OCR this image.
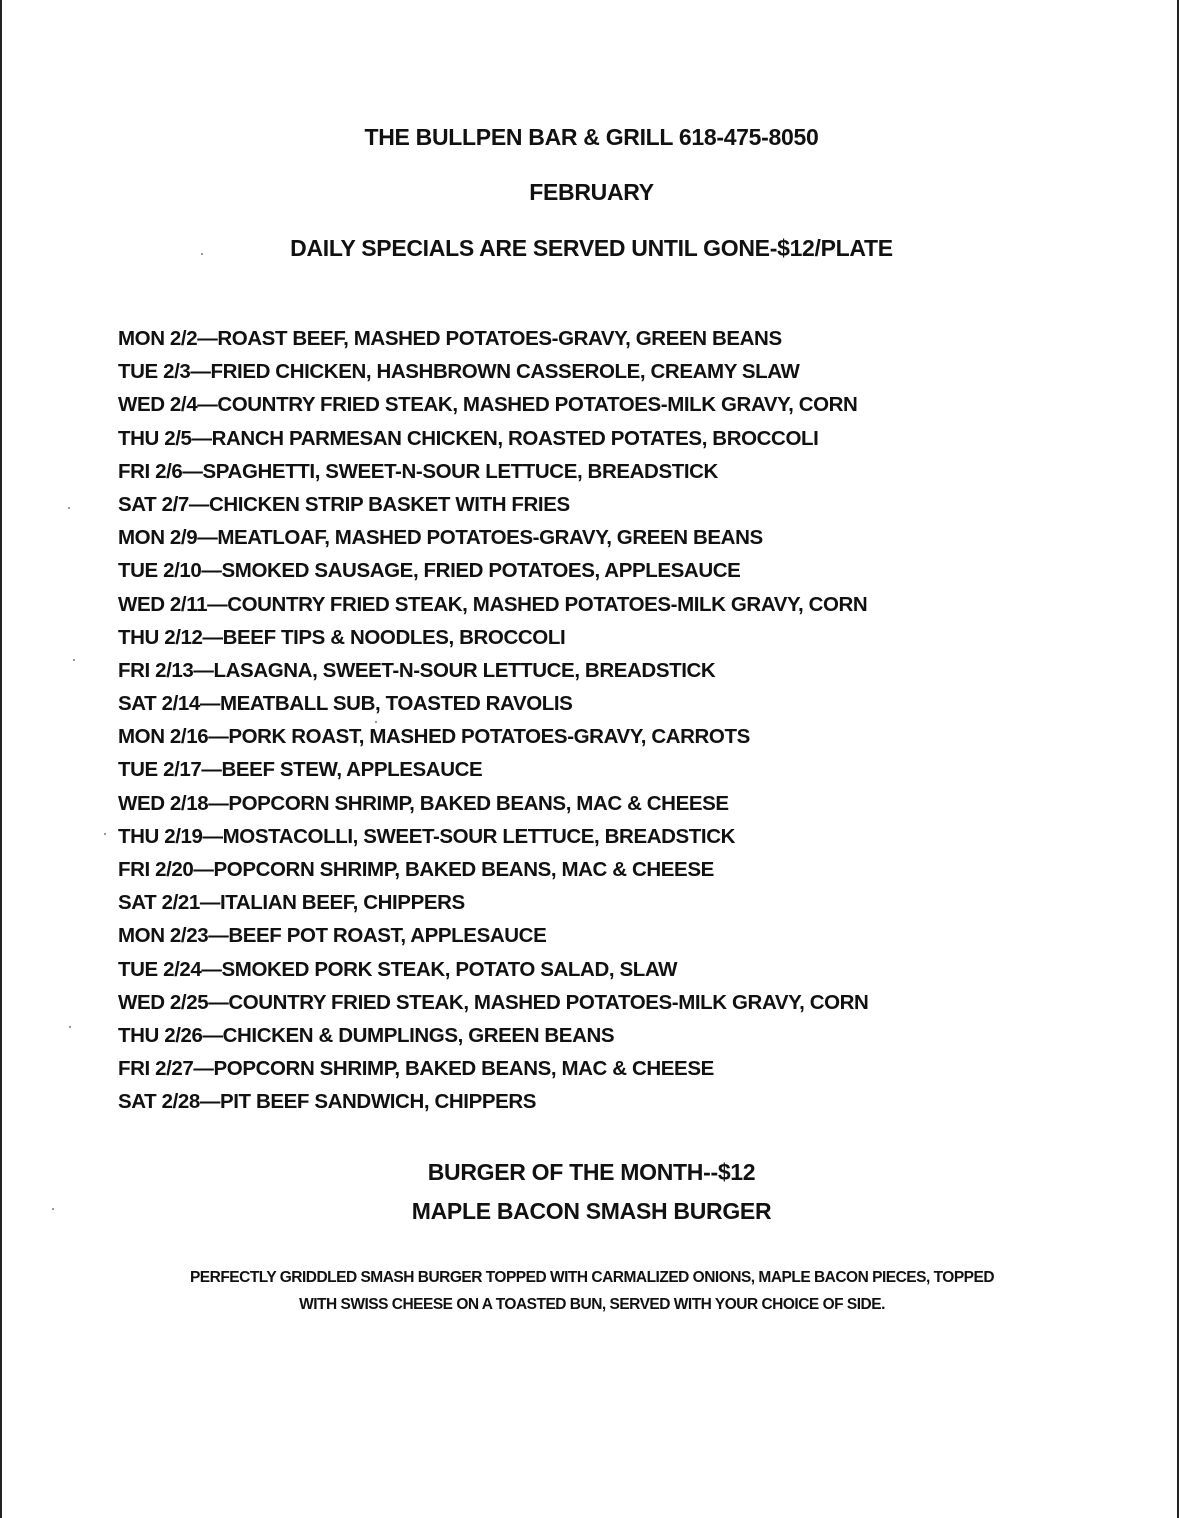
THE BULLPEN BAR & GRILL 618-475-8050
FEBRUARY
DAILY SPECIALS ARE SERVED UNTIL GONE-$12/PLATE
MON 2/2—ROAST BEEF, MASHED POTATOES-GRAVY, GREEN BEANS
TUE 2/3—FRIED CHICKEN, HASHBROWN CASSEROLE, CREAMY SLAW
WED 2/4—COUNTRY FRIED STEAK, MASHED POTATOES-MILK GRAVY, CORN
THU 2/5—RANCH PARMESAN CHICKEN, ROASTED POTATES, BROCCOLI
FRI 2/6—SPAGHETTI, SWEET-N-SOUR LETTUCE, BREADSTICK
SAT 2/7—CHICKEN STRIP BASKET WITH FRIES
MON 2/9—MEATLOAF, MASHED POTATOES-GRAVY, GREEN BEANS
TUE 2/10—SMOKED SAUSAGE, FRIED POTATOES, APPLESAUCE
WED 2/11—COUNTRY FRIED STEAK, MASHED POTATOES-MILK GRAVY, CORN
THU 2/12—BEEF TIPS & NOODLES, BROCCOLI
FRI 2/13—LASAGNA, SWEET-N-SOUR LETTUCE, BREADSTICK
SAT 2/14—MEATBALL SUB, TOASTED RAVOLIS
MON 2/16—PORK ROAST, MASHED POTATOES-GRAVY, CARROTS
TUE 2/17—BEEF STEW, APPLESAUCE
WED 2/18—POPCORN SHRIMP, BAKED BEANS, MAC & CHEESE
THU 2/19—MOSTACOLLI, SWEET-SOUR LETTUCE, BREADSTICK
FRI 2/20—POPCORN SHRIMP, BAKED BEANS, MAC & CHEESE
SAT 2/21—ITALIAN BEEF, CHIPPERS
MON 2/23—BEEF POT ROAST, APPLESAUCE
TUE 2/24—SMOKED PORK STEAK, POTATO SALAD, SLAW
WED 2/25—COUNTRY FRIED STEAK, MASHED POTATOES-MILK GRAVY, CORN
THU 2/26—CHICKEN & DUMPLINGS, GREEN BEANS
FRI 2/27—POPCORN SHRIMP, BAKED BEANS, MAC & CHEESE
SAT 2/28—PIT BEEF SANDWICH, CHIPPERS
BURGER OF THE MONTH--$12
MAPLE BACON SMASH BURGER
PERFECTLY GRIDDLED SMASH BURGER TOPPED WITH CARMALIZED ONIONS, MAPLE BACON PIECES, TOPPED
WITH SWISS CHEESE ON A TOASTED BUN, SERVED WITH YOUR CHOICE OF SIDE.
